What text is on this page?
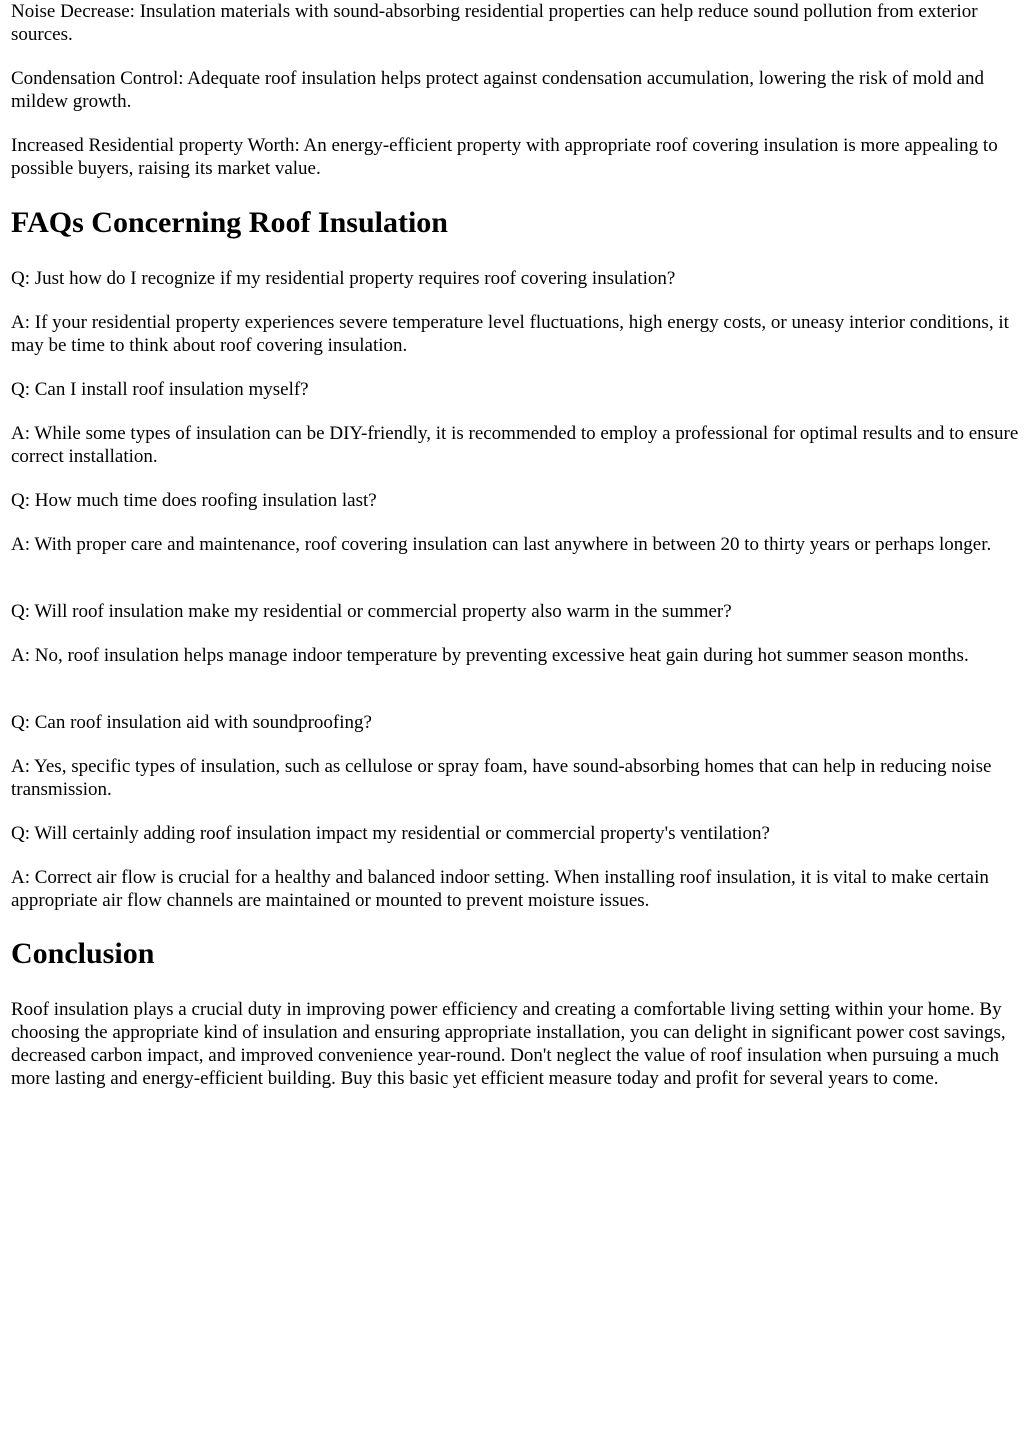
Noise Decrease: Insulation materials with sound-absorbing residential properties can help reduce sound pollution from exterior sources.

Condensation Control: Adequate roof insulation helps protect against condensation accumulation, lowering the risk of mold and mildew growth.

Increased Residential property Worth: An energy-efficient property with appropriate roof covering insulation is more appealing to possible buyers, raising its market value.

FAQs Concerning Roof Insulation

Q: Just how do I recognize if my residential property requires roof covering insulation?

A: If your residential property experiences severe temperature level fluctuations, high energy costs, or uneasy interior conditions, it may be time to think about roof covering insulation.

Q: Can I install roof insulation myself?

A: While some types of insulation can be DIY-friendly, it is recommended to employ a professional for optimal results and to ensure correct installation.

Q: How much time does roofing insulation last?

A: With proper care and maintenance, roof covering insulation can last anywhere in between 20 to thirty years or perhaps longer.

Q: Will roof insulation make my residential or commercial property also warm in the summer?

A: No, roof insulation helps manage indoor temperature by preventing excessive heat gain during hot summer season months.

Q: Can roof insulation aid with soundproofing?

A: Yes, specific types of insulation, such as cellulose or spray foam, have sound-absorbing homes that can help in reducing noise transmission.

Q: Will certainly adding roof insulation impact my residential or commercial property's ventilation?

A: Correct air flow is crucial for a healthy and balanced indoor setting. When installing roof insulation, it is vital to make certain appropriate air flow channels are maintained or mounted to prevent moisture issues.

Conclusion

Roof insulation plays a crucial duty in improving power efficiency and creating a comfortable living setting within your home. By choosing the appropriate kind of insulation and ensuring appropriate installation, you can delight in significant power cost savings, decreased carbon impact, and improved convenience year-round. Don't neglect the value of roof insulation when pursuing a much more lasting and energy-efficient building. Buy this basic yet efficient measure today and profit for several years to come.
